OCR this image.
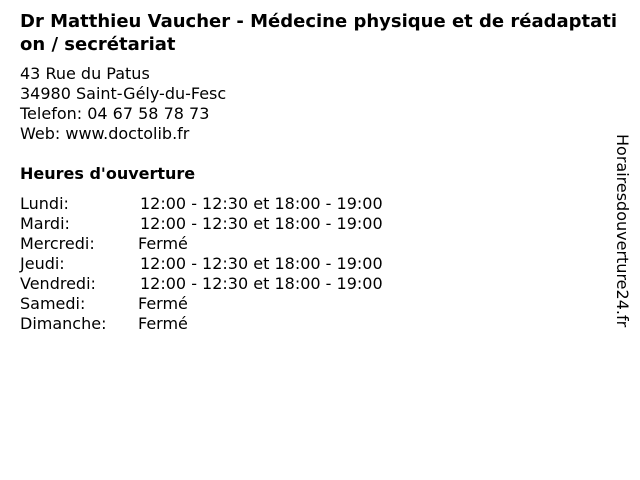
Dr Matthieu Vaucher - Médecine physique et de réadaptation / secrétariat
43 Rue du Patus
34980 Saint-Gély-du-Fesc
Telefon: 04 67 58 78 73
Web: www.doctolib.fr
Heures d'ouverture
Lundi:	12:00 - 12:30 et 18:00 - 19:00
Mardi:	12:00 - 12:30 et 18:00 - 19:00
Mercredi:	Fermé
Jeudi:	12:00 - 12:30 et 18:00 - 19:00
Vendredi:	12:00 - 12:30 et 18:00 - 19:00
Samedi:	Fermé
Dimanche: Fermé	Horairesdouverture24.fr
